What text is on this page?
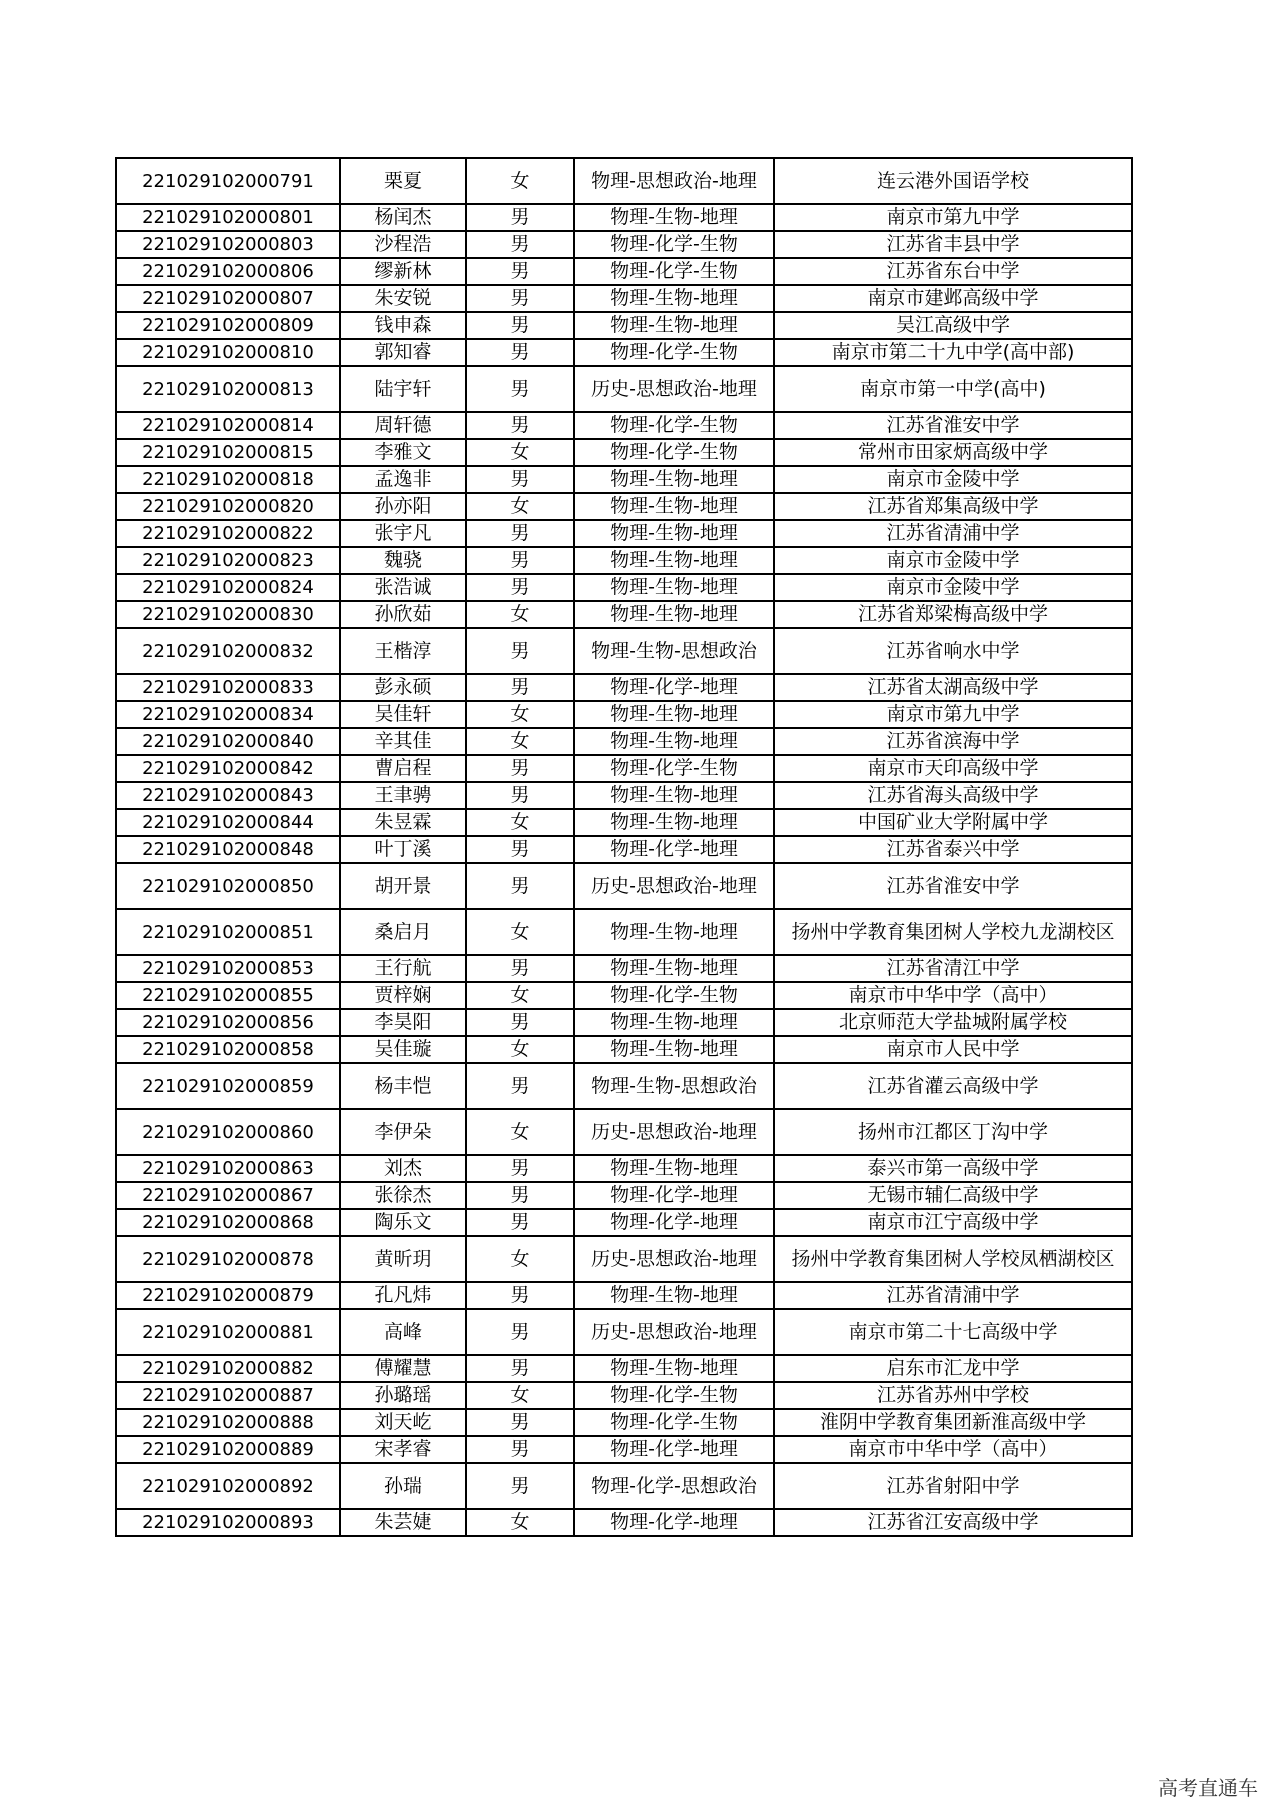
221029102000791	栗夏	女	物理-思想政治-地理	连云港外国语学校
221029102000801	杨闰杰	男	物理-生物-地理	南京市第九中学
221029102000803	沙程浩	男	物理-化学-生物	江苏省丰县中学
221029102000806	缪新林	男	物理-化学-生物	江苏省东台中学
221029102000807	朱安锐	男	物理-生物-地理	南京市建邺高级中学
221029102000809	钱申森	男	物理-生物-地理	吴江高级中学
221029102000810	郭知睿	男	物理-化学-生物	南京市第二十九中学(高中部)
221029102000813	陆宇轩	男	历史-思想政治-地理	南京市第一中学(高中)
221029102000814	周轩德	男	物理-化学-生物	江苏省淮安中学
221029102000815	李雅文	女	物理-化学-生物	常州市田家炳高级中学
221029102000818	孟逸非	男	物理-生物-地理	南京市金陵中学
221029102000820	孙亦阳	女	物理-生物-地理	江苏省郑集高级中学
221029102000822	张宇凡	男	物理-生物-地理	江苏省清浦中学
221029102000823	魏骁	男	物理-生物-地理	南京市金陵中学
221029102000824	张浩诚	男	物理-生物-地理	南京市金陵中学
221029102000830	孙欣茹	女	物理-生物-地理	江苏省郑梁梅高级中学
221029102000832	王楷淳	男	物理-生物-思想政治	江苏省响水中学
221029102000833	彭永硕	男	物理-化学-地理	江苏省太湖高级中学
221029102000834	吴佳轩	女	物理-生物-地理	南京市第九中学
221029102000840	辛其佳	女	物理-生物-地理	江苏省滨海中学
221029102000842	曹启程	男	物理-化学-生物	南京市天印高级中学
221029102000843	王聿骋	男	物理-生物-地理	江苏省海头高级中学
221029102000844	朱昱霖	女	物理-生物-地理	中国矿业大学附属中学
221029102000848	叶丁溪	男	物理-化学-地理	江苏省泰兴中学
221029102000850	胡开景	男	历史-思想政治-地理	江苏省淮安中学
221029102000851	桑启月	女	物理-生物-地理	扬州中学教育集团树人学校九龙湖校区
221029102000853	王行航	男	物理-生物-地理	江苏省清江中学
221029102000855	贾梓娴	女	物理-化学-生物	南京市中华中学（高中）
221029102000856	李昊阳	男	物理-生物-地理	北京师范大学盐城附属学校
221029102000858	吴佳璇	女	物理-生物-地理	南京市人民中学
221029102000859	杨丰恺	男	物理-生物-思想政治	江苏省灌云高级中学
221029102000860	李伊朵	女	历史-思想政治-地理	扬州市江都区丁沟中学
221029102000863	刘杰	男	物理-生物-地理	泰兴市第一高级中学
221029102000867	张徐杰	男	物理-化学-地理	无锡市辅仁高级中学
221029102000868	陶乐文	男	物理-化学-地理	南京市江宁高级中学
221029102000878	黄昕玥	女	历史-思想政治-地理	扬州中学教育集团树人学校凤栖湖校区
221029102000879	孔凡炜	男	物理-生物-地理	江苏省清浦中学
221029102000881	高峰	男	历史-思想政治-地理	南京市第二十七高级中学
221029102000882	傅耀慧	男	物理-生物-地理	启东市汇龙中学
221029102000887	孙璐瑶	女	物理-化学-生物	江苏省苏州中学校
221029102000888	刘天屹	男	物理-化学-生物	淮阴中学教育集团新淮高级中学
221029102000889	宋孝睿	男	物理-化学-地理	南京市中华中学（高中）
221029102000892	孙瑞	男	物理-化学-思想政治	江苏省射阳中学
221029102000893	朱芸婕	女	物理-化学-地理	江苏省江安高级中学
高考直通车
